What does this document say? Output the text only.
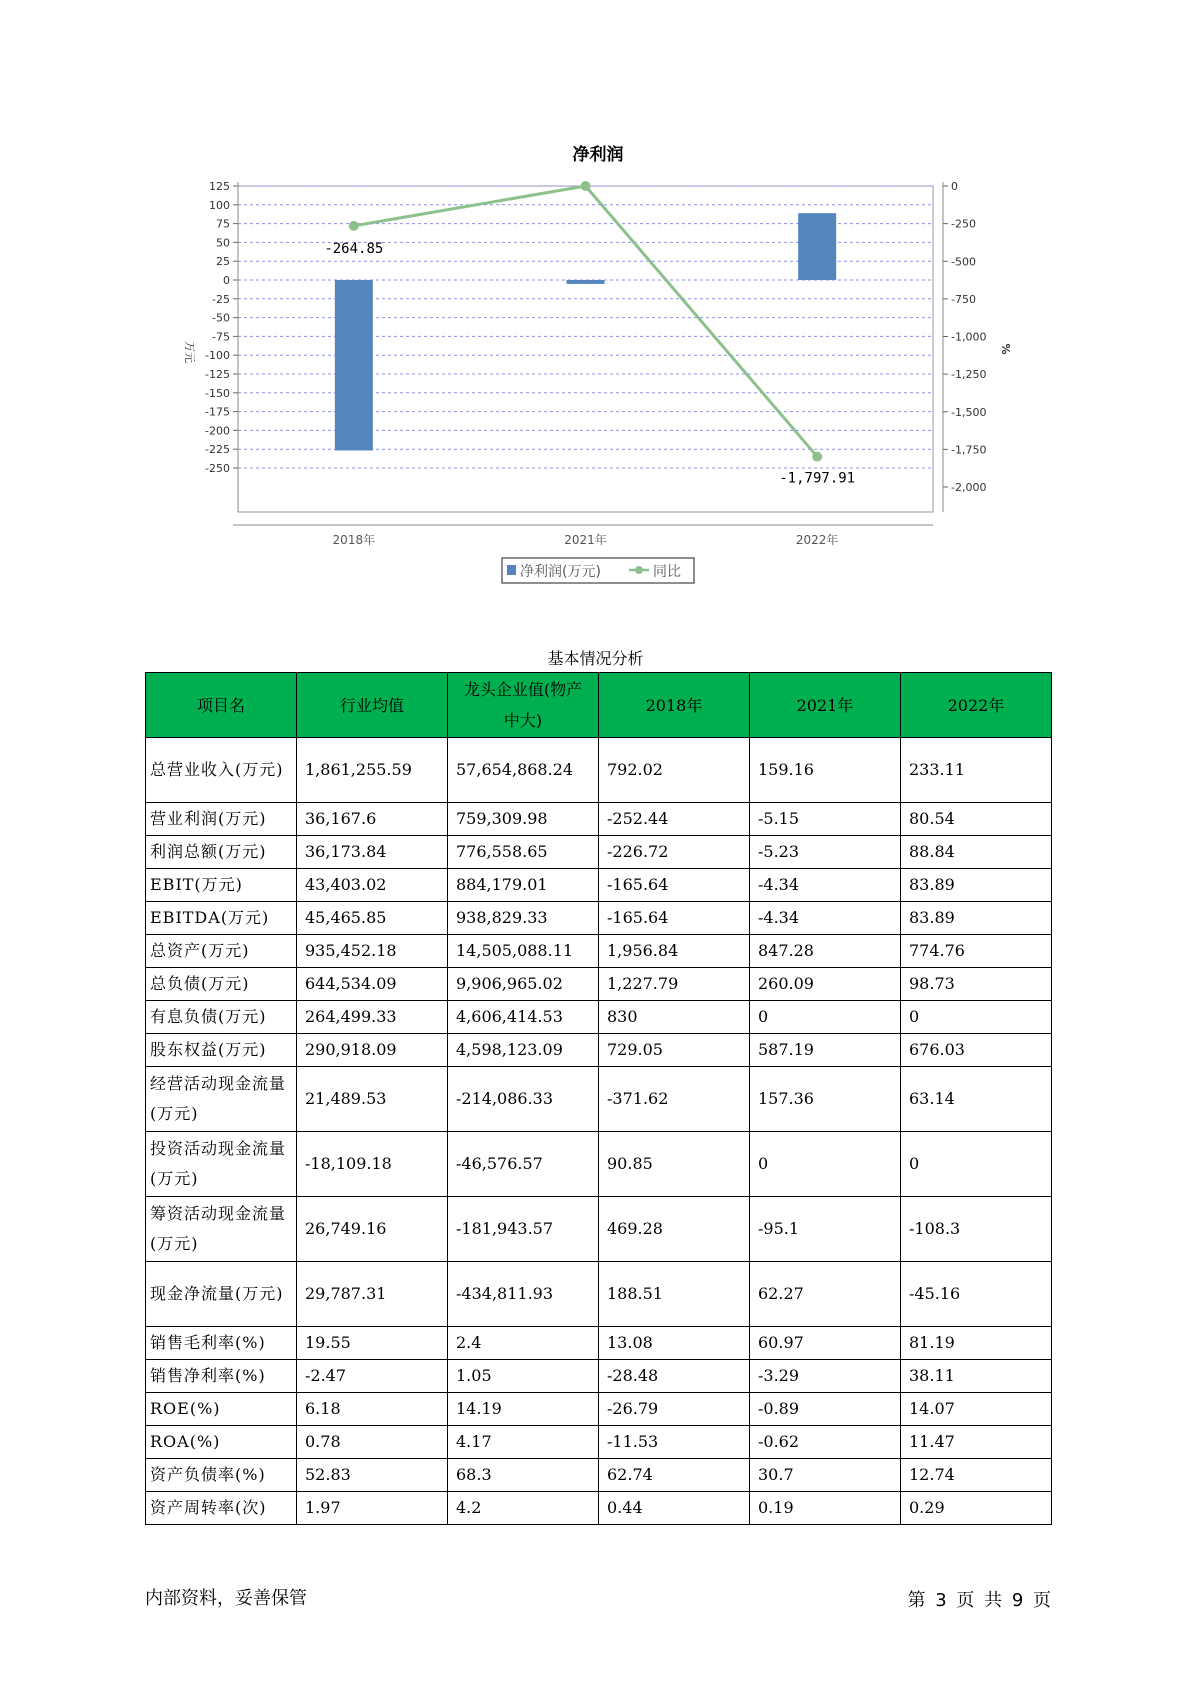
净利润
125
100
75
50
25
0
-25
-50
-75
-100
-125
-150
-175
-200
-225
-250
0
-250
-500
-750
-1,000
-1,250
-1,500
-1,750
-2,000
-264.85
-1,797.91
2018年	2021年	2022年
万元	%
净利润(万元)	同比
基本情况分析
项目名	行业均值	龙头企业值(物产中大)	2018年	2021年	2022年
总营业收入(万元)	1,861,255.59	57,654,868.24	792.02	159.16	233.11
营业利润(万元)	36,167.6	759,309.98	-252.44	-5.15	80.54
利润总额(万元)	36,173.84	776,558.65	-226.72	-5.23	88.84
EBIT(万元)	43,403.02	884,179.01	-165.64	-4.34	83.89
EBITDA(万元)	45,465.85	938,829.33	-165.64	-4.34	83.89
总资产(万元)	935,452.18	14,505,088.11	1,956.84	847.28	774.76
总负债(万元)	644,534.09	9,906,965.02	1,227.79	260.09	98.73
有息负债(万元)	264,499.33	4,606,414.53	830	0	0
股东权益(万元)	290,918.09	4,598,123.09	729.05	587.19	676.03
经营活动现金流量(万元)	21,489.53	-214,086.33	-371.62	157.36	63.14
投资活动现金流量(万元)	-18,109.18	-46,576.57	90.85	0	0
筹资活动现金流量(万元)	26,749.16	-181,943.57	469.28	-95.1	-108.3
现金净流量(万元)	29,787.31	-434,811.93	188.51	62.27	-45.16
销售毛利率(%)	19.55	2.4	13.08	60.97	81.19
销售净利率(%)	-2.47	1.05	-28.48	-3.29	38.11
ROE(%)	6.18	14.19	-26.79	-0.89	14.07
ROA(%)	0.78	4.17	-11.53	-0.62	11.47
资产负债率(%)	52.83	68.3	62.74	30.7	12.74
资产周转率(次)	1.97	4.2	0.44	0.19	0.29
内部资料，妥善保管	第 3 页 共 9 页
